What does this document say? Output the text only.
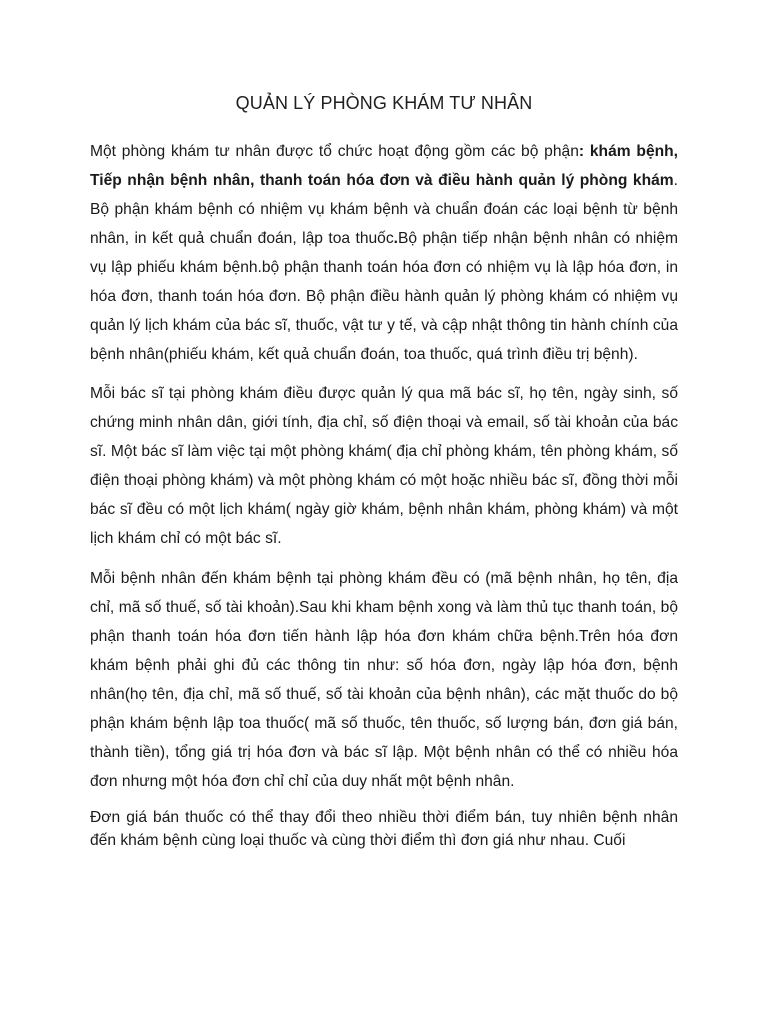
QUẢN LÝ PHÒNG KHÁM TƯ NHÂN

Một phòng khám tư nhân được tổ chức hoạt động gồm các bộ phận: khám bệnh, Tiếp nhận bệnh nhân, thanh toán hóa đơn và điều hành quản lý phòng khám. Bộ phận khám bệnh có nhiệm vụ khám bệnh và chuẩn đoán các loại bệnh từ bệnh nhân, in kết quả chuẩn đoán, lập toa thuốc.Bộ phận tiếp nhận bệnh nhân có nhiệm vụ lập phiếu khám bệnh.bộ phận thanh toán hóa đơn có nhiệm vụ là lập hóa đơn, in hóa đơn, thanh toán hóa đơn. Bộ phận điều hành quản lý phòng khám có nhiệm vụ quản lý lịch khám của bác sĩ, thuốc, vật tư y tế, và cập nhật thông tin hành chính của bệnh nhân(phiếu khám, kết quả chuẩn đoán, toa thuốc, quá trình điều trị bệnh).

Mỗi bác sĩ tại phòng khám điều được quản lý qua mã bác sĩ, họ tên, ngày sinh, số chứng minh nhân dân, giới tính, địa chỉ, số điện thoại và email, số tài khoản của bác sĩ. Một bác sĩ làm việc tại một phòng khám( địa chỉ phòng khám, tên phòng khám, số điện thoại phòng khám) và một phòng khám có một hoặc nhiều bác sĩ, đồng thời mỗi bác sĩ đều có một lịch khám( ngày giờ khám, bệnh nhân khám, phòng khám) và một lịch khám chỉ có một bác sĩ.

Mỗi bệnh nhân đến khám bệnh tại phòng khám đều có (mã bệnh nhân, họ tên, địa chỉ, mã số thuế, số tài khoản).Sau khi kham bệnh xong và làm thủ tục thanh toán, bộ phận thanh toán hóa đơn tiến hành lập hóa đơn khám chữa bệnh.Trên hóa đơn khám bệnh phải ghi đủ các thông tin như: số hóa đơn, ngày lập hóa đơn, bệnh nhân(họ tên, địa chỉ, mã số thuế, số tài khoản của bệnh nhân), các mặt thuốc do bộ phận khám bệnh lập toa thuốc( mã số thuốc, tên thuốc, số lượng bán, đơn giá bán, thành tiền), tổng giá trị hóa đơn và bác sĩ lập. Một bệnh nhân có thể có nhiều hóa đơn nhưng một hóa đơn chỉ chỉ của duy nhất một bệnh nhân.

Đơn giá bán thuốc có thể thay đổi theo nhiều thời điểm bán, tuy nhiên bệnh nhân đến khám bệnh cùng loại thuốc và cùng thời điểm thì đơn giá như nhau. Cuối
